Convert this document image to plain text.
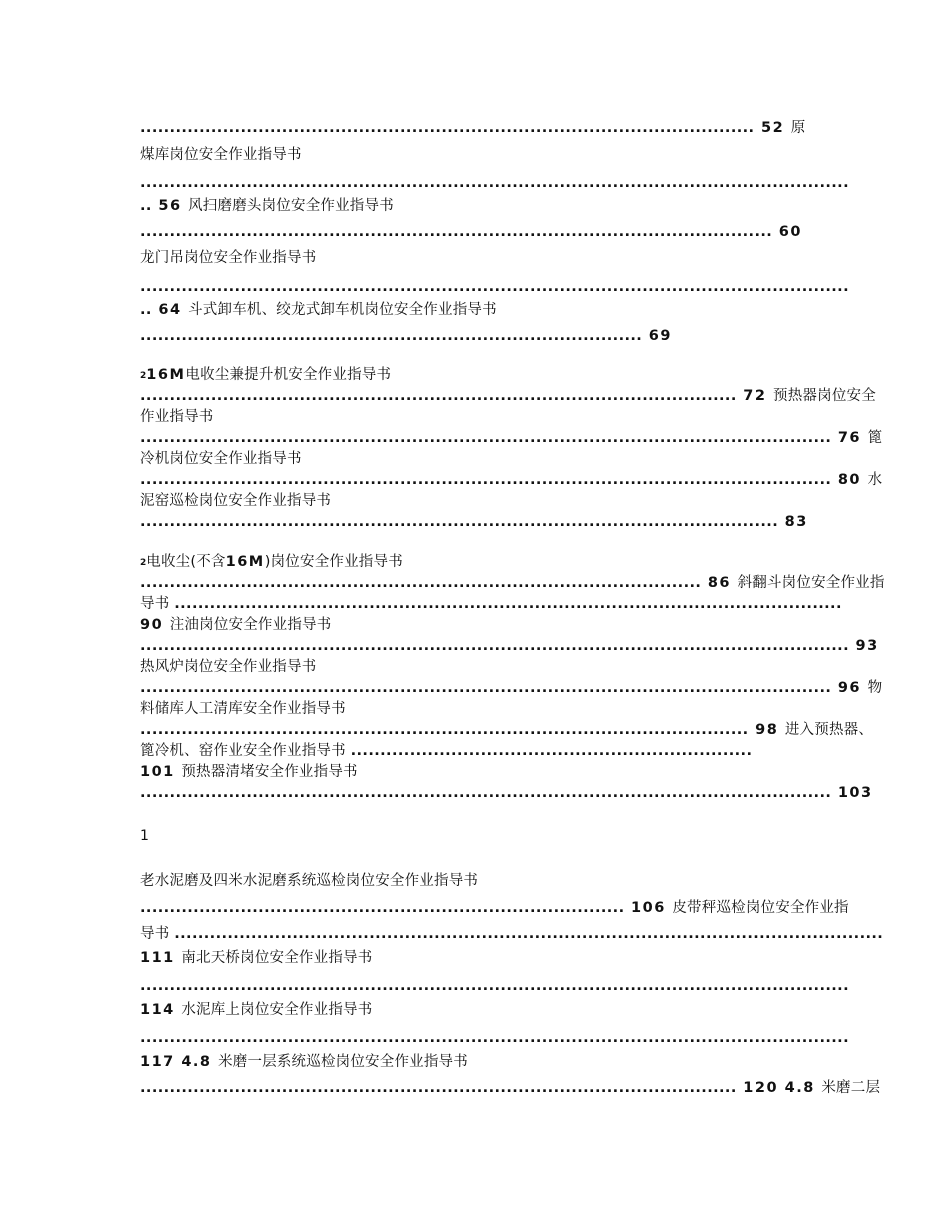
........................................................................................................ 52 原
煤库岗位安全作业指导书
........................................................................................................................
.. 56 风扫磨磨头岗位安全作业指导书
........................................................................................................... 60
龙门吊岗位安全作业指导书
........................................................................................................................
.. 64 斗式卸车机、绞龙式卸车机岗位安全作业指导书
..................................................................................... 69
216M电收尘兼提升机安全作业指导书
..................................................................................................... 72 预热器岗位安全
作业指导书
..................................................................................................................... 76 篦
冷机岗位安全作业指导书
..................................................................................................................... 80 水
泥窑巡检岗位安全作业指导书
............................................................................................................ 83
2电收尘(不含16M)岗位安全作业指导书
............................................................................................... 86 斜翻斗岗位安全作业指
导书 .................................................................................................................
90 注油岗位安全作业指导书
........................................................................................................................ 93
热风炉岗位安全作业指导书
..................................................................................................................... 96 物
料储库人工清库安全作业指导书
....................................................................................................... 98 进入预热器、
篦冷机、窑作业安全作业指导书 ....................................................................
101 预热器清堵安全作业指导书
..................................................................................................................... 103
老水泥磨及四米水泥磨系统巡检岗位安全作业指导书
.................................................................................. 106 皮带秤巡检岗位安全作业指
导书 ........................................................................................................................
111 南北天桥岗位安全作业指导书
........................................................................................................................
114 水泥库上岗位安全作业指导书
........................................................................................................................
117 4.8 米磨一层系统巡检岗位安全作业指导书
..................................................................................................... 120 4.8 米磨二层
1
